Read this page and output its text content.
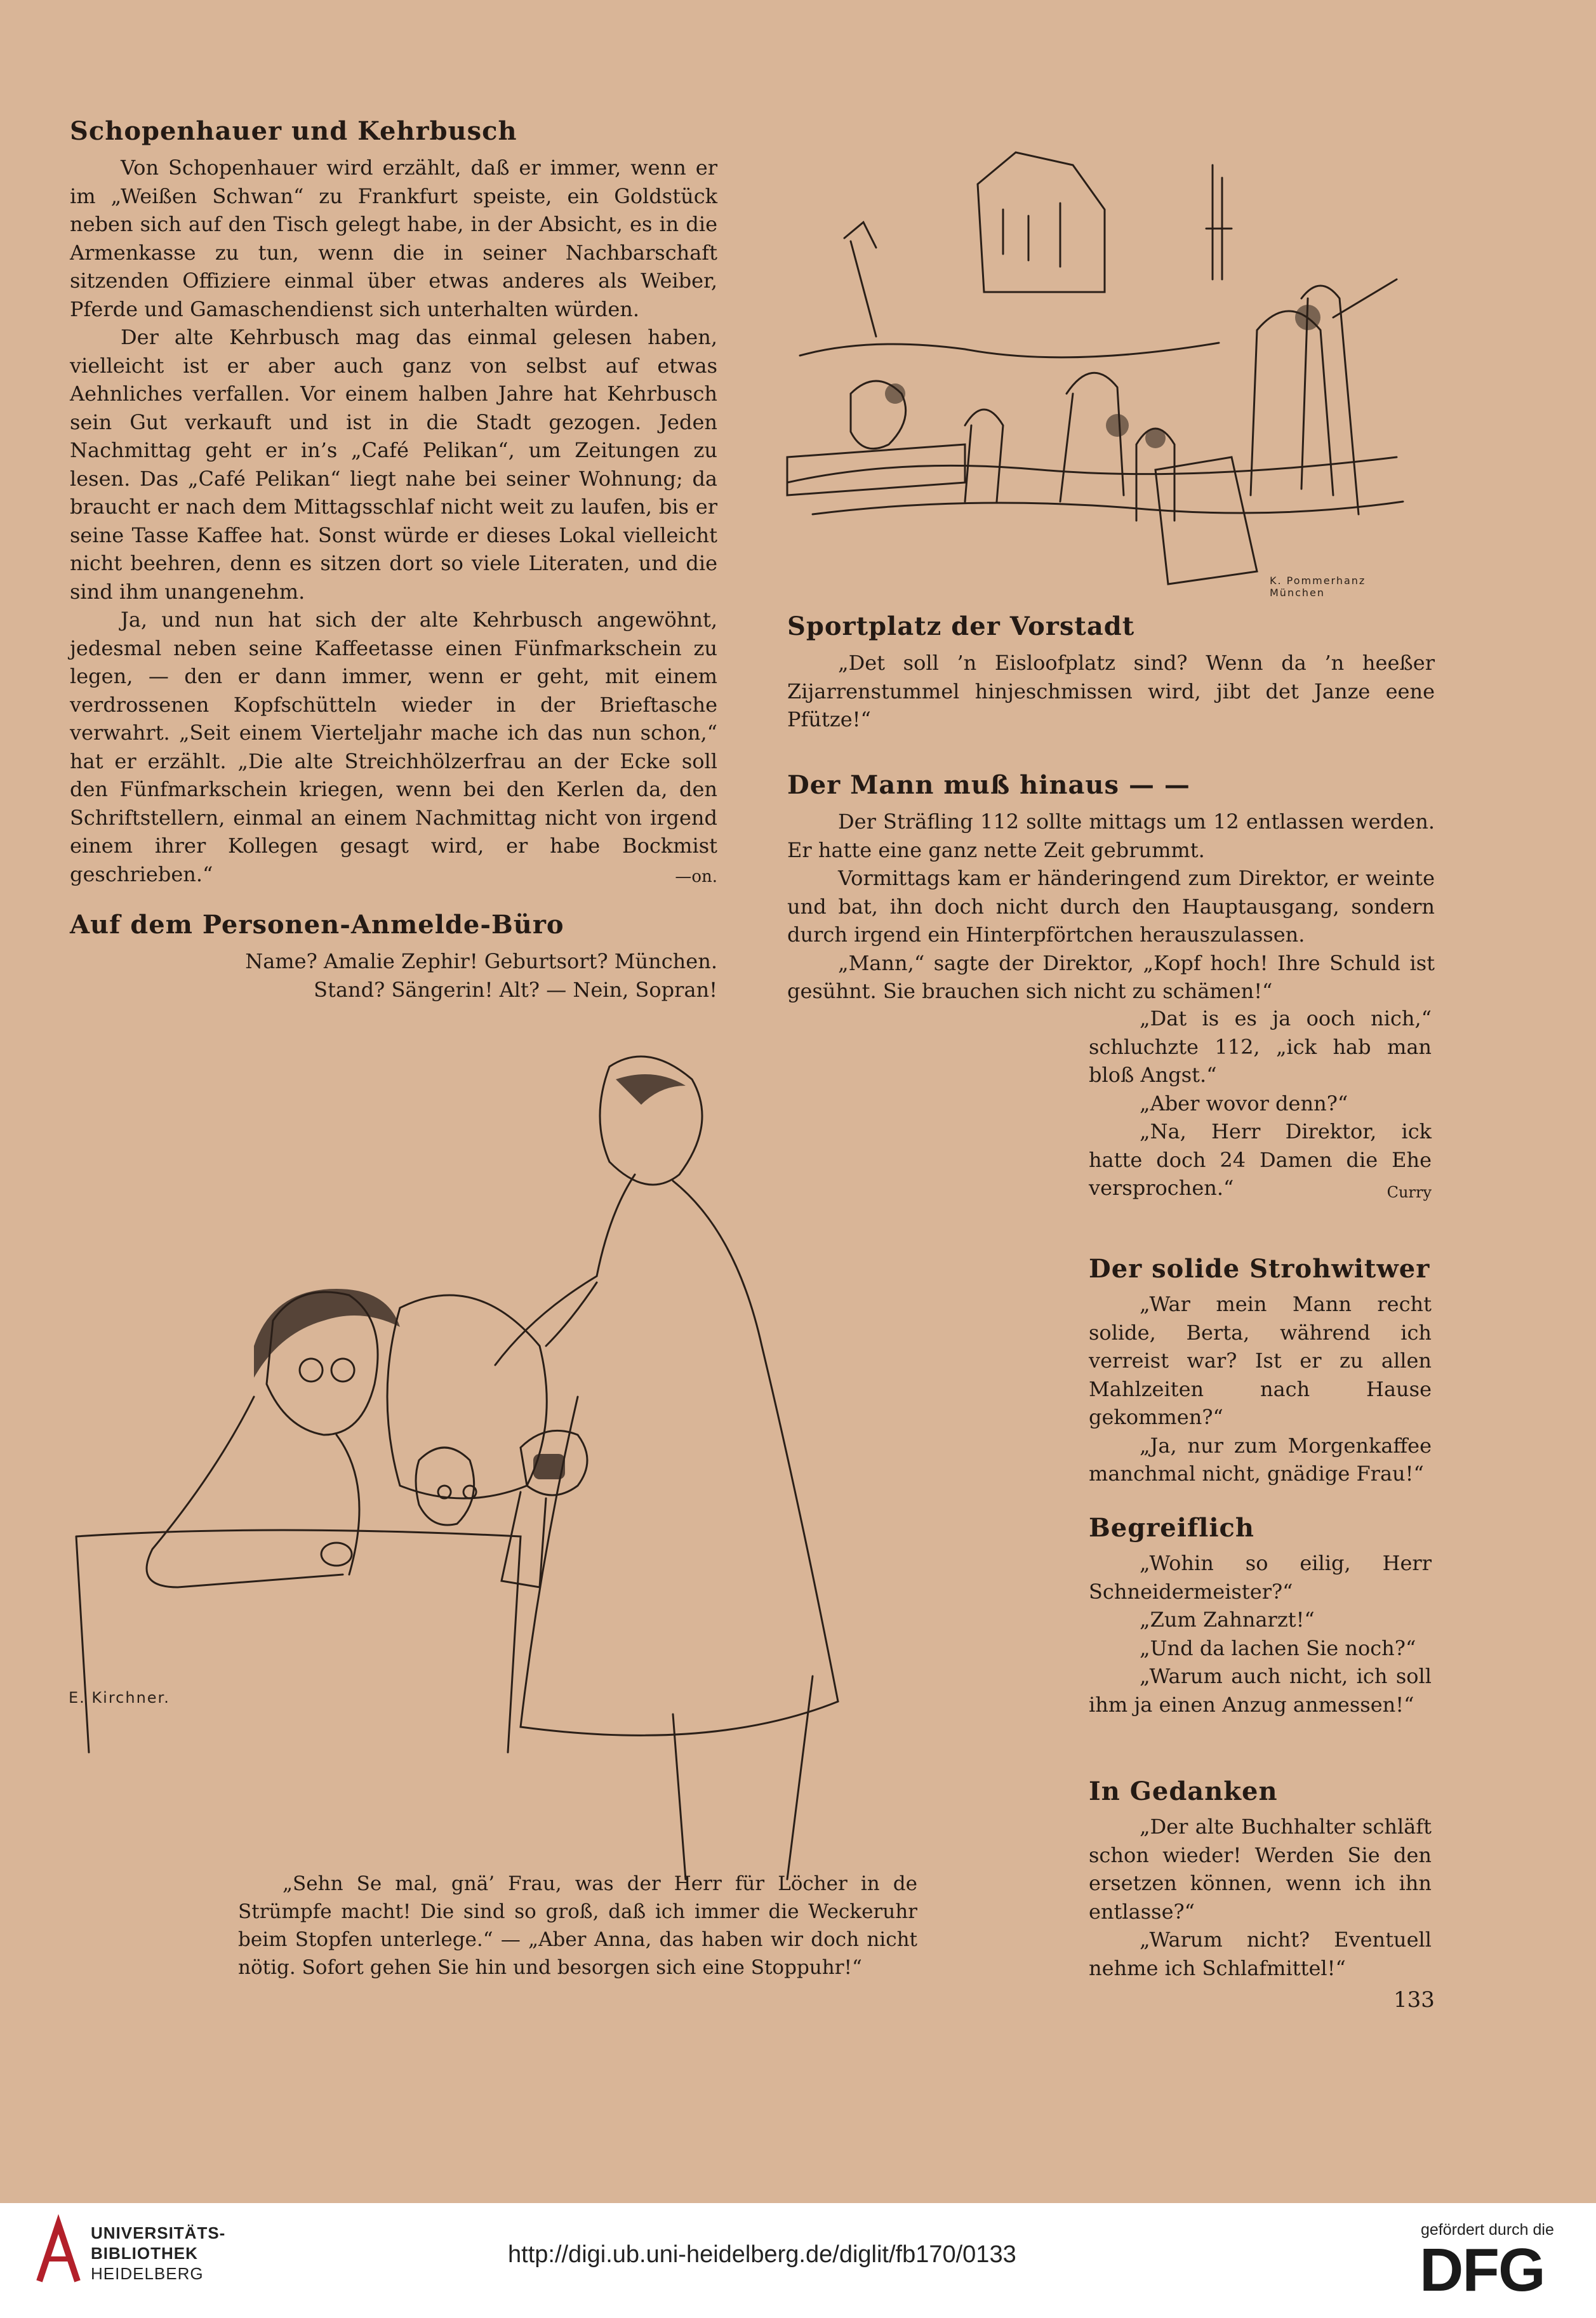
Schopenhauer und Kehrbusch

Von Schopenhauer wird erzählt, daß er immer, wenn er im „Weißen Schwan“ zu Frankfurt speiste, ein Goldstück neben sich auf den Tisch gelegt habe, in der Absicht, es in die Armenkasse zu tun, wenn die in seiner Nachbarschaft sitzenden Offiziere einmal über etwas anderes als Weiber, Pferde und Gamaschendienst sich unterhalten würden.

Der alte Kehrbusch mag das einmal gelesen haben, vielleicht ist er aber auch ganz von selbst auf etwas Aehnliches verfallen. Vor einem halben Jahre hat Kehrbusch sein Gut verkauft und ist in die Stadt gezogen. Jeden Nachmittag geht er in’s „Café Pelikan“, um Zeitungen zu lesen. Das „Café Pelikan“ liegt nahe bei seiner Wohnung; da braucht er nach dem Mittagsschlaf nicht weit zu laufen, bis er seine Tasse Kaffee hat. Sonst würde er dieses Lokal vielleicht nicht beehren, denn es sitzen dort so viele Literaten, und die sind ihm unangenehm.

Ja, und nun hat sich der alte Kehrbusch angewöhnt, jedesmal neben seine Kaffeetasse einen Fünfmarkschein zu legen, — den er dann immer, wenn er geht, mit einem verdrossenen Kopfschütteln wieder in der Brieftasche verwahrt. „Seit einem Vierteljahr mache ich das nun schon,“ hat er erzählt. „Die alte Streichhölzerfrau an der Ecke soll den Fünfmarkschein kriegen, wenn bei den Kerlen da, den Schriftstellern, einmal an einem Nachmittag nicht von irgend einem ihrer Kollegen gesagt wird, er habe Bockmist geschrieben.“	—on.
Auf dem Personen-Anmelde-Büro

Name? Amalie Zephir! Geburtsort? München.

Stand? Sängerin! Alt? — Nein, Sopran!

K. Pommerhanz München
Sportplatz der Vorstadt

„Det soll ’n Eisloofplatz sind? Wenn da ’n heeßer Zijarrenstummel hinjeschmissen wird, jibt det Janze eene Pfütze!“

Der Mann muß hinaus — —

Der Sträfling 112 sollte mittags um 12 entlassen werden. Er hatte eine ganz nette Zeit gebrummt.

Vormittags kam er händeringend zum Direktor, er weinte und bat, ihn doch nicht durch den Hauptausgang, sondern durch irgend ein Hinterpförtchen herauszulassen.

„Mann,“ sagte der Direktor, „Kopf hoch! Ihre Schuld ist gesühnt. Sie brauchen sich nicht zu schämen!“

„Dat is es ja ooch nich,“ schluchzte 112, „ick hab man bloß Angst.“

„Aber wovor denn?“

„Na, Herr Direktor, ick hatte doch 24 Damen die Ehe versprochen.“	Curry
Der solide Strohwitwer

„War mein Mann recht solide, Berta, während ich verreist war? Ist er zu allen Mahlzeiten nach Hause gekommen?“

„Ja, nur zum Morgenkaffee manchmal nicht, gnädige Frau!“

Begreiflich

„Wohin so eilig, Herr Schneidermeister?“

„Zum Zahnarzt!“

„Und da lachen Sie noch?“

„Warum auch nicht, ich soll ihm ja einen Anzug anmessen!“

In Gedanken

„Der alte Buchhalter schläft schon wieder! Werden Sie den ersetzen können, wenn ich ihn entlasse?“

„Warum nicht? Eventuell nehme ich Schlafmittel!“

E. Kirchner.

„Sehn Se mal, gnä’ Frau, was der Herr für Löcher in de Strümpfe macht! Die sind so groß, daß ich immer die Weckeruhr beim Stopfen unterlege.“ — „Aber Anna, das haben wir doch nicht nötig. Sofort gehen Sie hin und besorgen sich eine Stoppuhr!“

133
UNIVERSITÄTS-
BIBLIOTHEK
HEIDELBERG
http://digi.ub.uni-heidelberg.de/diglit/fb170/0133
gefördert durch die
DFG
